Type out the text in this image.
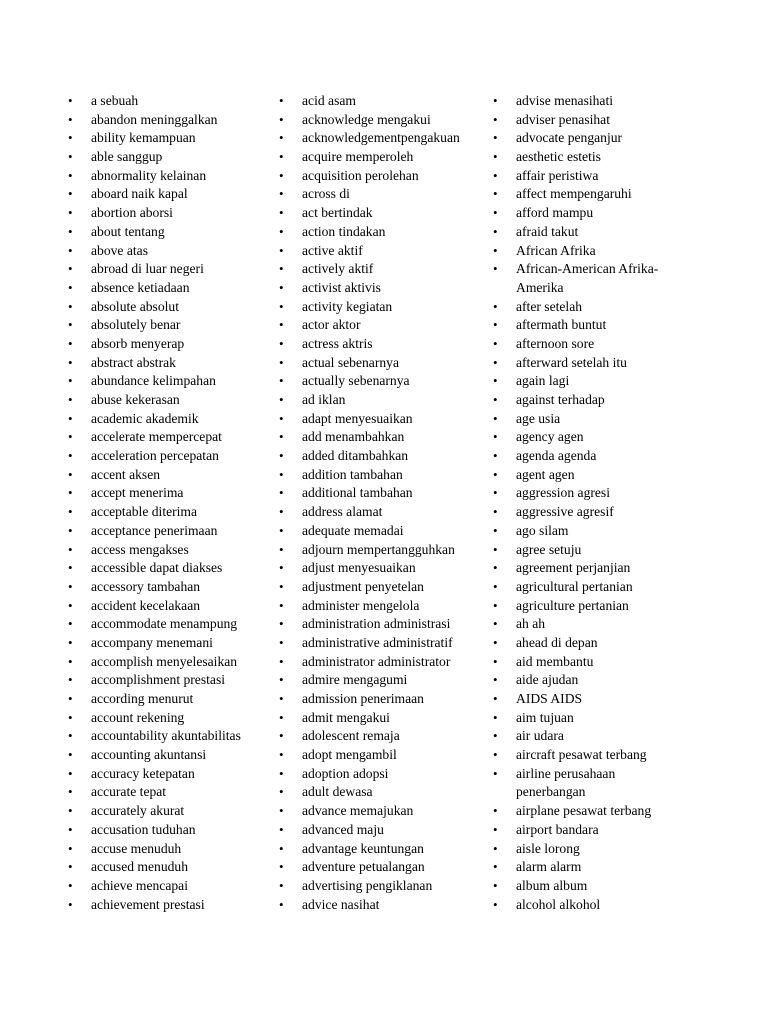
• a sebuah
• abandon meninggalkan
• ability kemampuan
• able sanggup
• abnormality kelainan
• aboard naik kapal
• abortion aborsi
• about tentang
• above atas
• abroad di luar negeri
• absence ketiadaan
• absolute absolut
• absolutely benar
• absorb menyerap
• abstract abstrak
• abundance kelimpahan
• abuse kekerasan
• academic akademik
• accelerate mempercepat
• acceleration percepatan
• accent aksen
• accept menerima
• acceptable diterima
• acceptance penerimaan
• access mengakses
• accessible dapat diakses
• accessory tambahan
• accident kecelakaan
• accommodate menampung
• accompany menemani
• accomplish menyelesaikan
• accomplishment prestasi
• according menurut
• account rekening
• accountability akuntabilitas
• accounting akuntansi
• accuracy ketepatan
• accurate tepat
• accurately akurat
• accusation tuduhan
• accuse menuduh
• accused menuduh
• achieve mencapai
• achievement prestasi
• acid asam
• acknowledge mengakui
• acknowledgementpengakuan
• acquire memperoleh
• acquisition perolehan
• across di
• act bertindak
• action tindakan
• active aktif
• actively aktif
• activist aktivis
• activity kegiatan
• actor aktor
• actress aktris
• actual sebenarnya
• actually sebenarnya
• ad iklan
• adapt menyesuaikan
• add menambahkan
• added ditambahkan
• addition tambahan
• additional tambahan
• address alamat
• adequate memadai
• adjourn mempertangguhkan
• adjust menyesuaikan
• adjustment penyetelan
• administer mengelola
• administration administrasi
• administrative administratif
• administrator administrator
• admire mengagumi
• admission penerimaan
• admit mengakui
• adolescent remaja
• adopt mengambil
• adoption adopsi
• adult dewasa
• advance memajukan
• advanced maju
• advantage keuntungan
• adventure petualangan
• advertising pengiklanan
• advice nasihat
• advise menasihati
• adviser penasihat
• advocate penganjur
• aesthetic estetis
• affair peristiwa
• affect mempengaruhi
• afford mampu
• afraid takut
• African Afrika
• African-American Afrika-Amerika
• after setelah
• aftermath buntut
• afternoon sore
• afterward setelah itu
• again lagi
• against terhadap
• age usia
• agency agen
• agenda agenda
• agent agen
• aggression agresi
• aggressive agresif
• ago silam
• agree setuju
• agreement perjanjian
• agricultural pertanian
• agriculture pertanian
• ah ah
• ahead di depan
• aid membantu
• aide ajudan
• AIDS AIDS
• aim tujuan
• air udara
• aircraft pesawat terbang
• airline perusahaan penerbangan
• airplane pesawat terbang
• airport bandara
• aisle lorong
• alarm alarm
• album album
• alcohol alkohol
